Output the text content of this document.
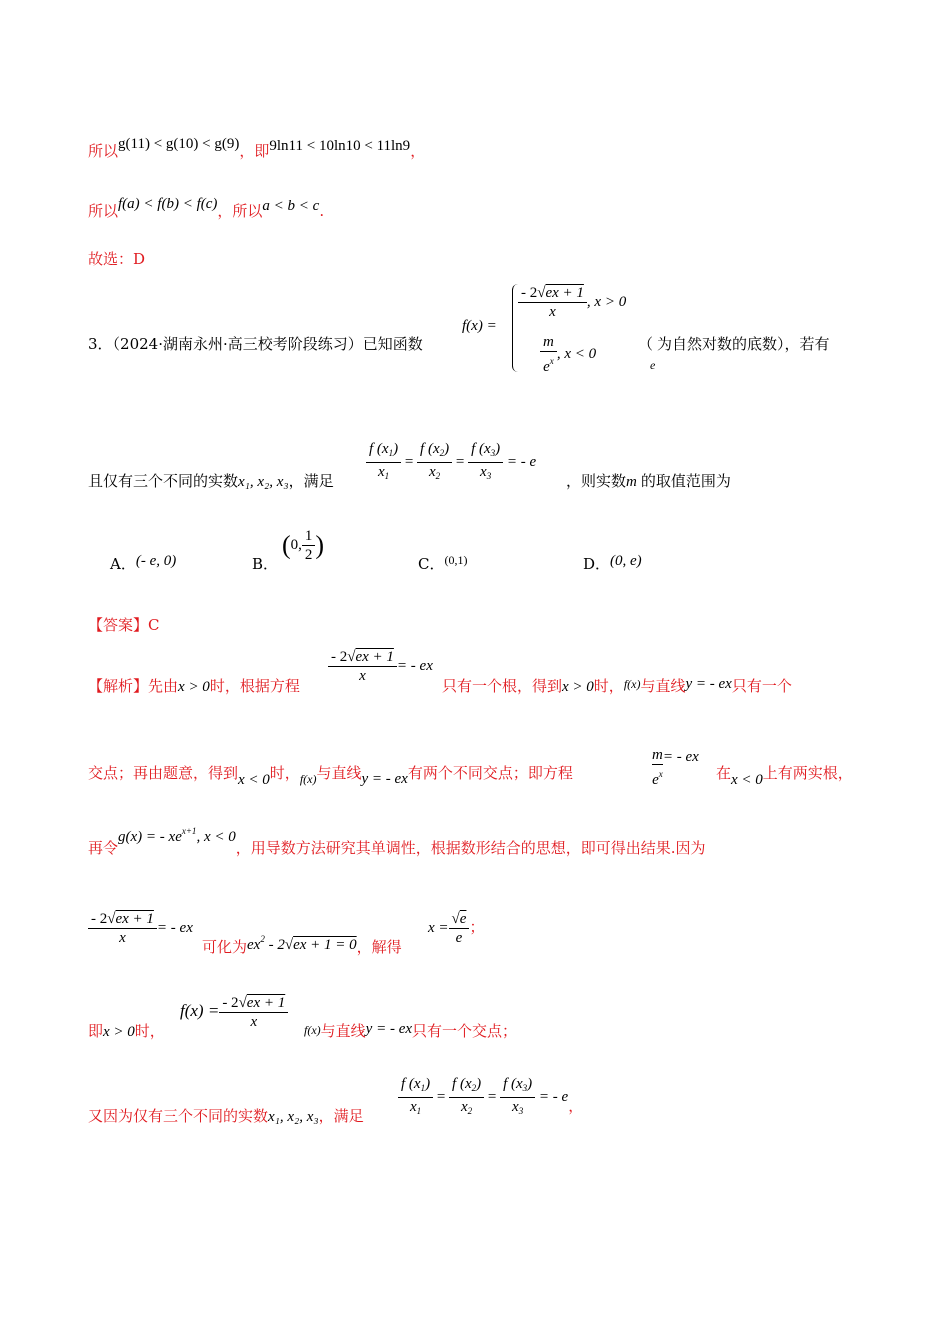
所以g(11) < g(10) < g(9)，即9ln11 < 10ln10 < 11ln9，
所以f(a) < f(b) < f(c)，所以a < b < c.
故选：D
3．（2024·湖南永州·高三校考阶段练习）已知函数
f(x) =
$\frac{- 2√ex + 1}{x}$ , x > 0
$\frac{m}{e^x}$ , x < 0
（ 为自然对数的底数），若有
e
且仅有三个不同的实数x₁, x₂, x₃，满足 $\frac{f (x_1)}{x_1} = \frac{f (x_2)}{x_2} = \frac{f (x_3)}{x_3}$ = - e
，则实数m 的取值范围为
A．(- e, 0)	B．
(0, $\frac{1}{2}$ )
C．$^{(0,1)}$	D．(0, e)
【答案】C
【解析】先由x > 0时，根据方程
$\frac{- 2√ex + 1}{x}$ = - ex
只有一个根，得到x > 0时，$^{f(x)}$与直线y = - ex只有一个
交点；再由题意，得到x < 0时，$_{f(x)}$与直线y = - ex有两个不同交点；即方程	$\frac{m}{e^x}$ = - ex
在x < 0上有两实根，
再令g(x) = - $xe^{x+1}$, x < 0，用导数方法研究其单调性，根据数形结合的思想，即可得出结果.因为
$\frac{- 2√ex + 1}{x}$ = - ex
可化为$ex^2 - 2√ex + 1 = 0$，解得
$x = \frac{√e}{e}$ ；
即x > 0时，
$f(x) = \frac{- 2√ex + 1}{x} f(x)$与直线y = - ex只有一个交点；
又因为仅有三个不同的实数x₁, x₂, x₃，满足 $\frac{f (x_1)}{x_1} = \frac{f (x_2)}{x_2} = \frac{f (x_3)}{x_3}$ = - e，
